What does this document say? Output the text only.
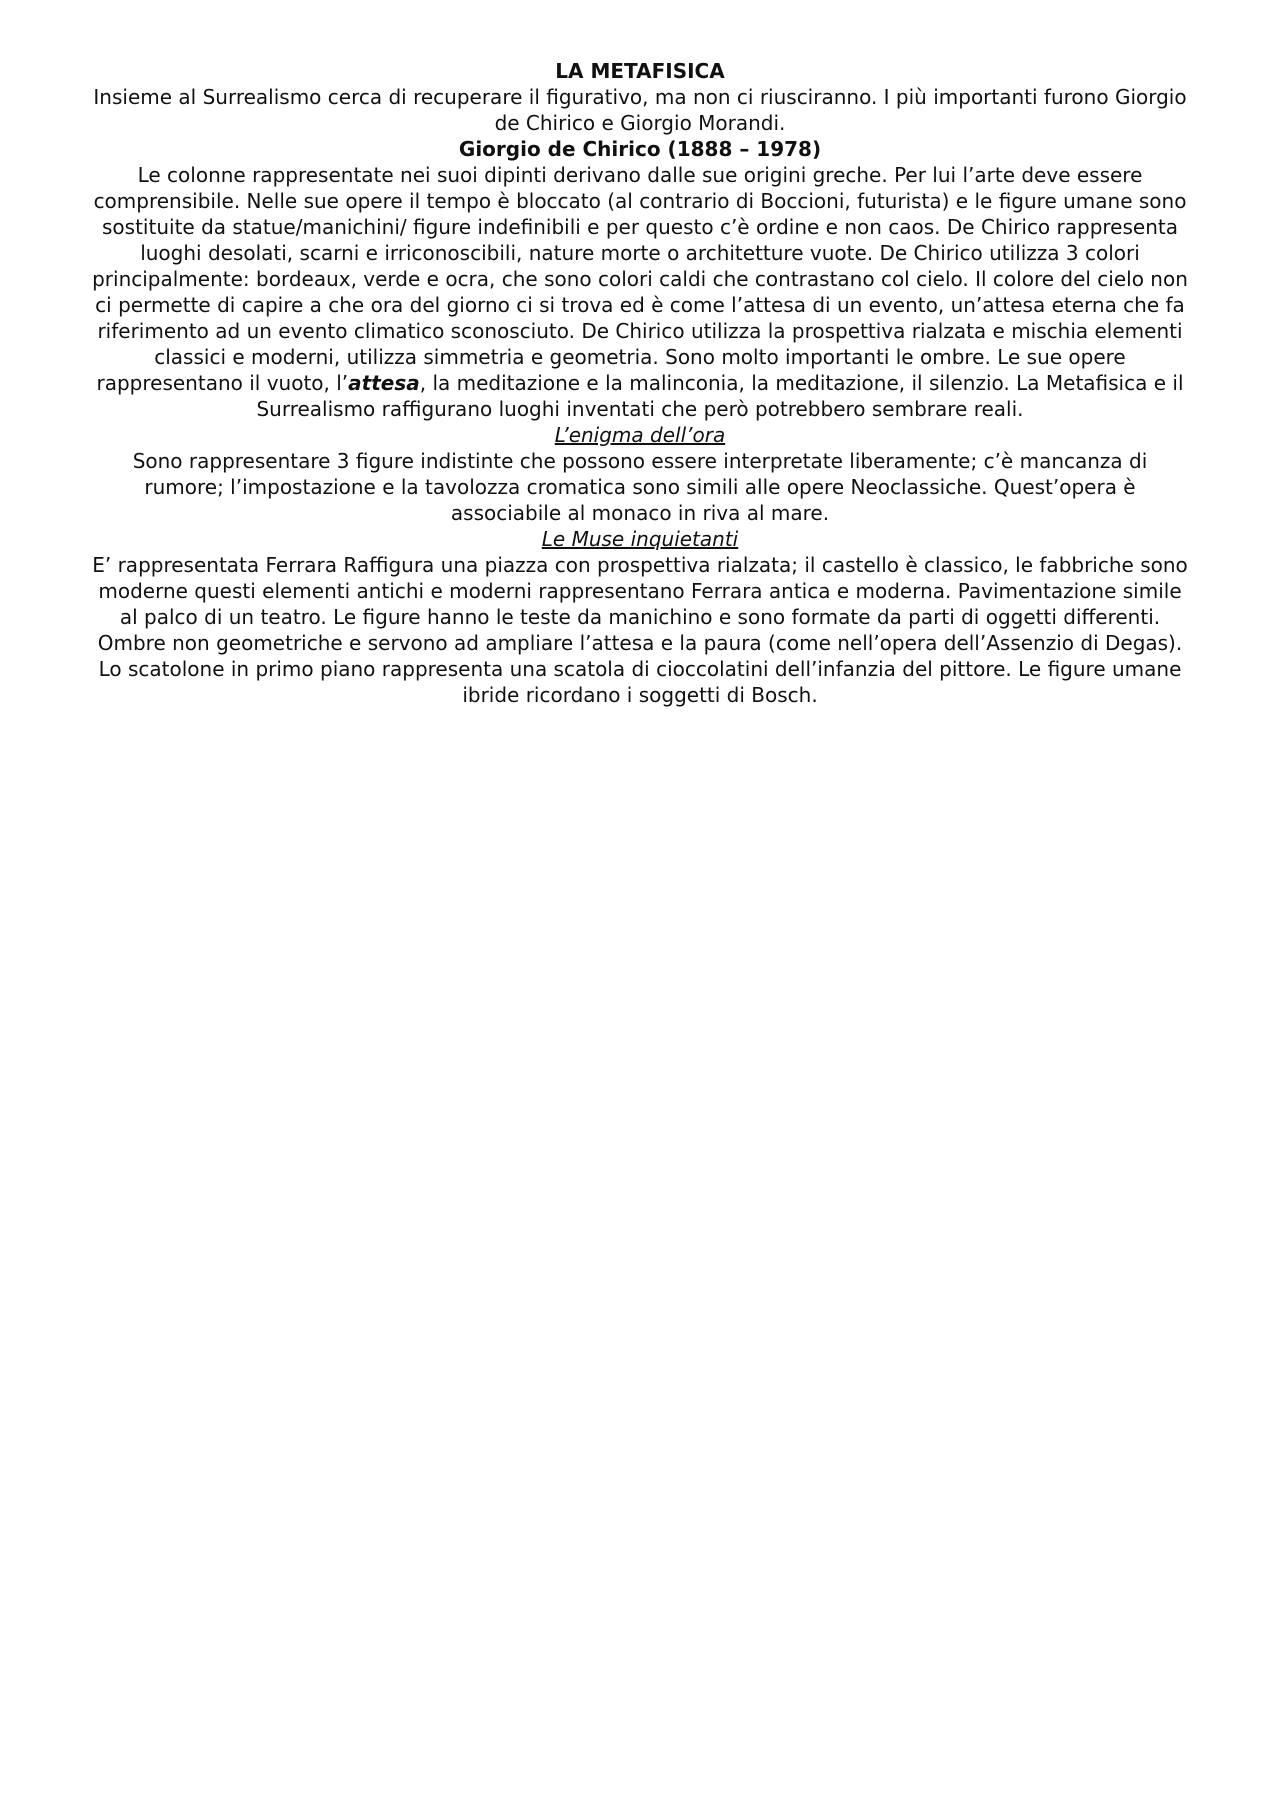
LA METAFISICA

Insieme al Surrealismo cerca di recuperare il figurativo, ma non ci riusciranno. I più importanti furono Giorgio de Chirico e Giorgio Morandi.

Giorgio de Chirico (1888 – 1978)

Le colonne rappresentate nei suoi dipinti derivano dalle sue origini greche. Per lui l’arte deve essere comprensibile. Nelle sue opere il tempo è bloccato (al contrario di Boccioni, futurista) e le figure umane sono sostituite da statue/manichini/ figure indefinibili e per questo c’è ordine e non caos. De Chirico rappresenta luoghi desolati, scarni e irriconoscibili, nature morte o architetture vuote. De Chirico utilizza 3 colori principalmente: bordeaux, verde e ocra, che sono colori caldi che contrastano col cielo. Il colore del cielo non ci permette di capire a che ora del giorno ci si trova ed è come l’attesa di un evento, un’attesa eterna che fa riferimento ad un evento climatico sconosciuto. De Chirico utilizza la prospettiva rialzata e mischia elementi classici e moderni, utilizza simmetria e geometria. Sono molto importanti le ombre. Le sue opere rappresentano il vuoto, l’attesa, la meditazione e la malinconia, la meditazione, il silenzio. La Metafisica e il Surrealismo raffigurano luoghi inventati che però potrebbero sembrare reali.

L’enigma dell’ora

Sono rappresentare 3 figure indistinte che possono essere interpretate liberamente; c’è mancanza di rumore; l’impostazione e la tavolozza cromatica sono simili alle opere Neoclassiche. Quest’opera è associabile al monaco in riva al mare.

Le Muse inquietanti

E’ rappresentata Ferrara Raffigura una piazza con prospettiva rialzata; il castello è classico, le fabbriche sono moderne questi elementi antichi e moderni rappresentano Ferrara antica e moderna. Pavimentazione simile al palco di un teatro. Le figure hanno le teste da manichino e sono formate da parti di oggetti differenti. Ombre non geometriche e servono ad ampliare l’attesa e la paura (come nell’opera dell’Assenzio di Degas). Lo scatolone in primo piano rappresenta una scatola di cioccolatini dell’infanzia del pittore. Le figure umane ibride ricordano i soggetti di Bosch.
